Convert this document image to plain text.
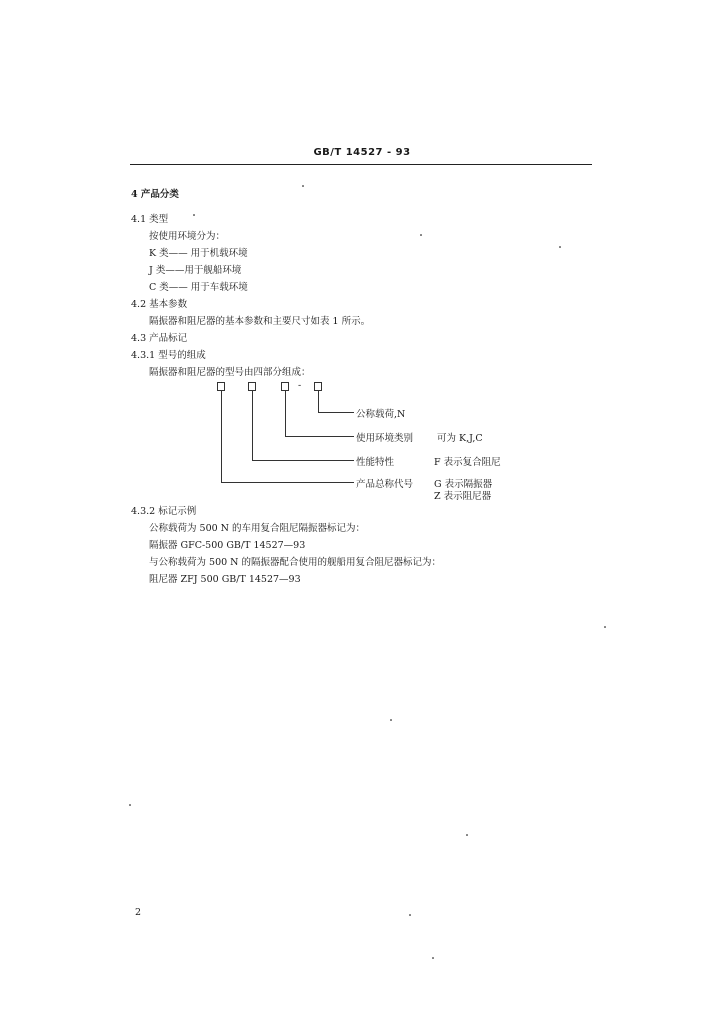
GB/T 14527 - 93
4 产品分类
4.1 类型
按使用环境分为：
K 类—— 用于机载环境
J 类——用于舰船环境
C 类—— 用于车载环境
4.2 基本参数
隔振器和阻尼器的基本参数和主要尺寸如表 1 所示。
4.3 产品标记
4.3.1 型号的组成
隔振器和阻尼器的型号由四部分组成：
-
公称载荷,N
使用环境类别	可为 K,J,C
性能特性	F 表示复合阻尼
产品总称代号 G 表示隔振器
Z 表示阻尼器
4.3.2 标记示例
公称载荷为 500 N 的车用复合阻尼隔振器标记为：
隔振器 GFC-500 GB/T 14527—93
与公称载荷为 500 N 的隔振器配合使用的舰船用复合阻尼器标记为：
阻尼器 ZFJ 500 GB/T 14527—93
2
